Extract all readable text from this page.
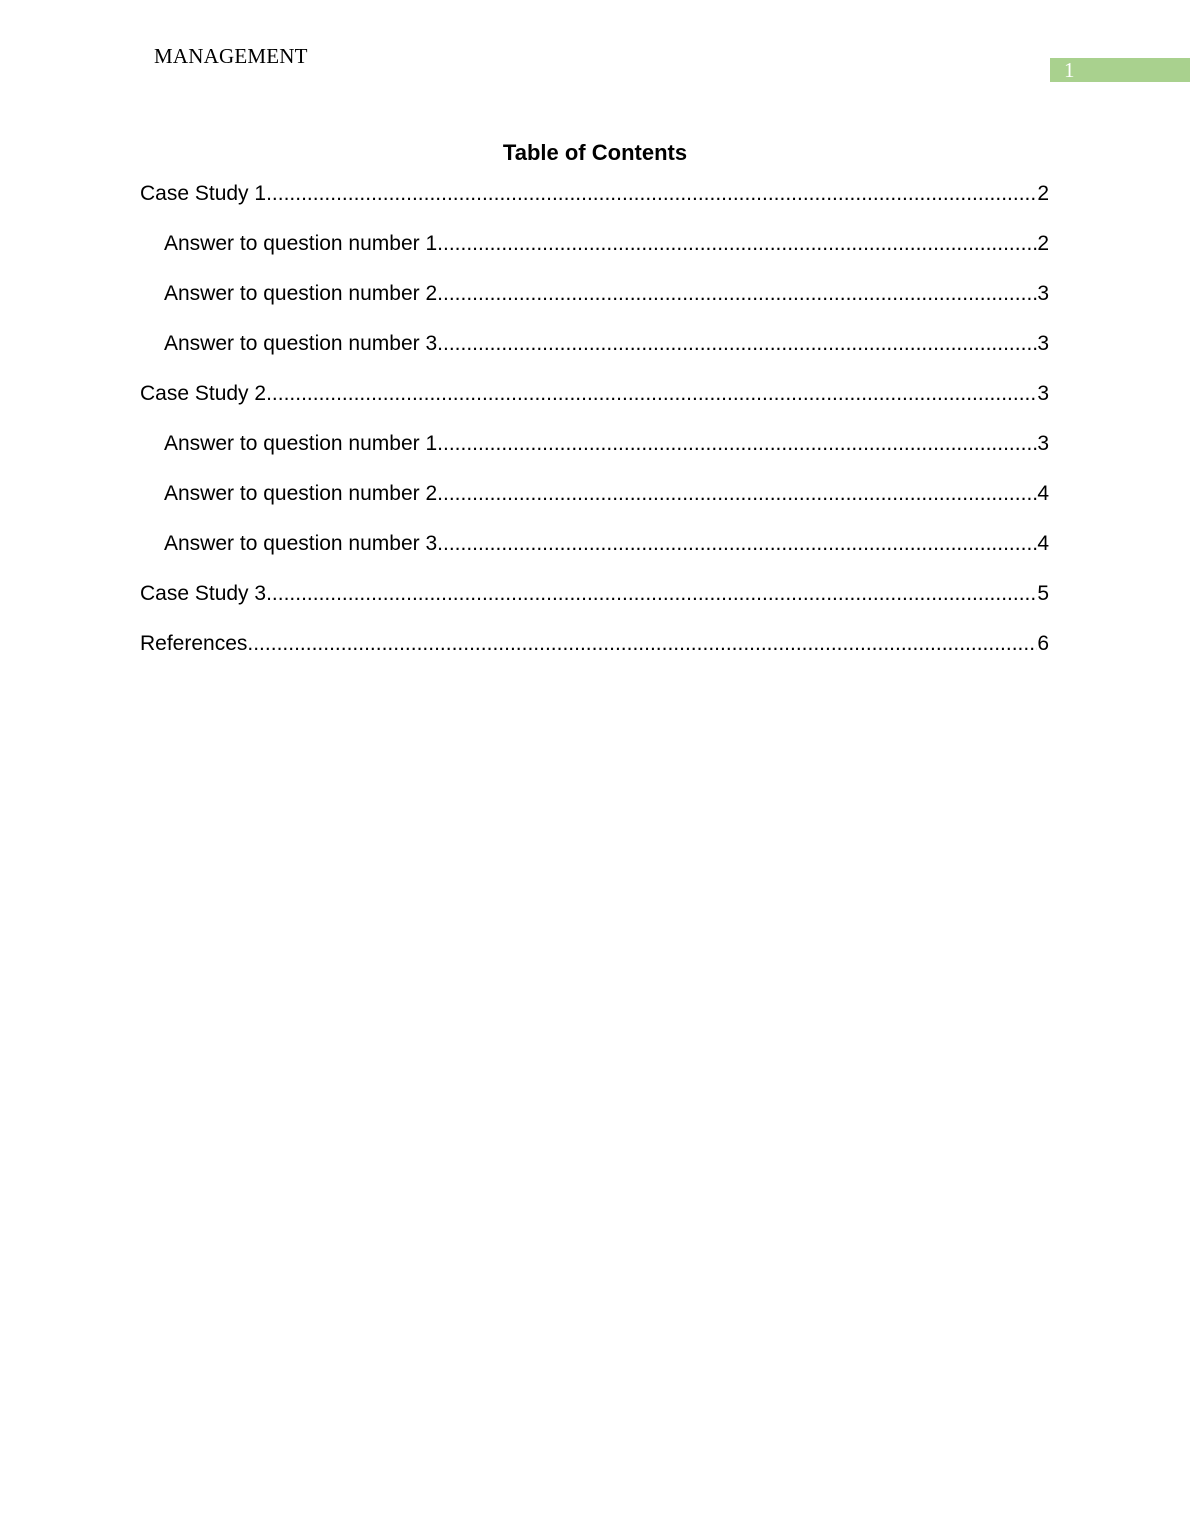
MANAGEMENT
1
Table of Contents
Case Study 1 .....	2
Answer to question number 1 .....	2
Answer to question number 2 .....	3
Answer to question number 3 .....	3
Case Study 2 .....	3
Answer to question number 1 .....	3
Answer to question number 2 .....	4
Answer to question number 3 .....	4
Case Study 3 .....	5
References .....	6
